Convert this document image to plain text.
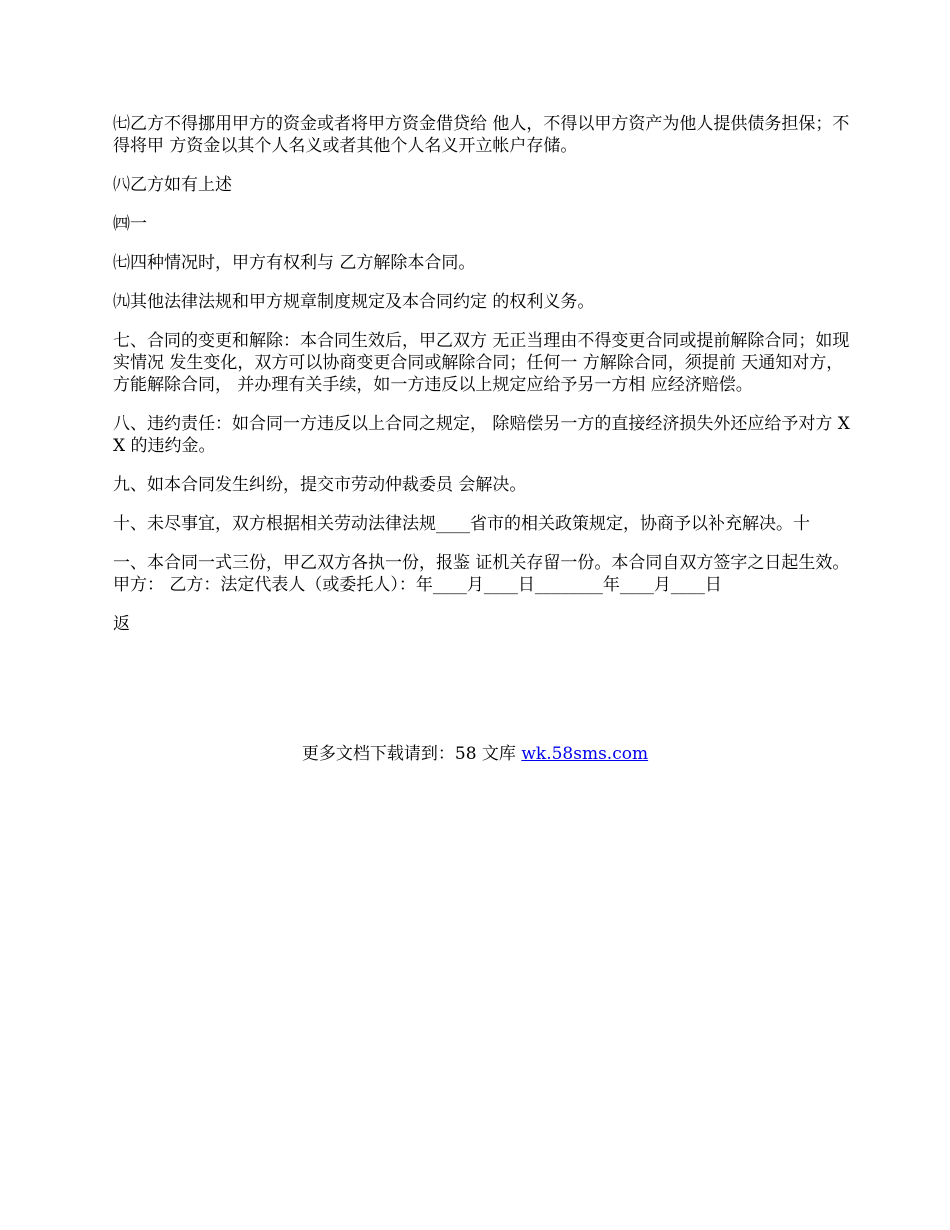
㈦乙方不得挪用甲方的资金或者将甲方资金借贷给 他人，不得以甲方资产为他人提供债务担保；不得将甲 方资金以其个人名义或者其他个人名义开立帐户存储。

㈧乙方如有上述

㈣一

㈦四种情况时，甲方有权利与 乙方解除本合同。

㈨其他法律法规和甲方规章制度规定及本合同约定 的权利义务。

七、合同的变更和解除：本合同生效后，甲乙双方 无正当理由不得变更合同或提前解除合同；如现实情况 发生变化，双方可以协商变更合同或解除合同；任何一 方解除合同，须提前 天通知对方，方能解除合同， 并办理有关手续，如一方违反以上规定应给予另一方相 应经济赔偿。

八、违约责任：如合同一方违反以上合同之规定， 除赔偿另一方的直接经济损失外还应给予对方 XX 的违约金。

九、如本合同发生纠纷，提交市劳动仲裁委员 会解决。

十、未尽事宜，双方根据相关劳动法律法规____省市的相关政策规定，协商予以补充解决。十

一、本合同一式三份，甲乙双方各执一份，报鉴 证机关存留一份。本合同自双方签字之日起生效。甲方： 乙方：法定代表人（或委托人）：年____月____日________年____月____日

返

更多文档下载请到：58 文库 wk.58sms.com
